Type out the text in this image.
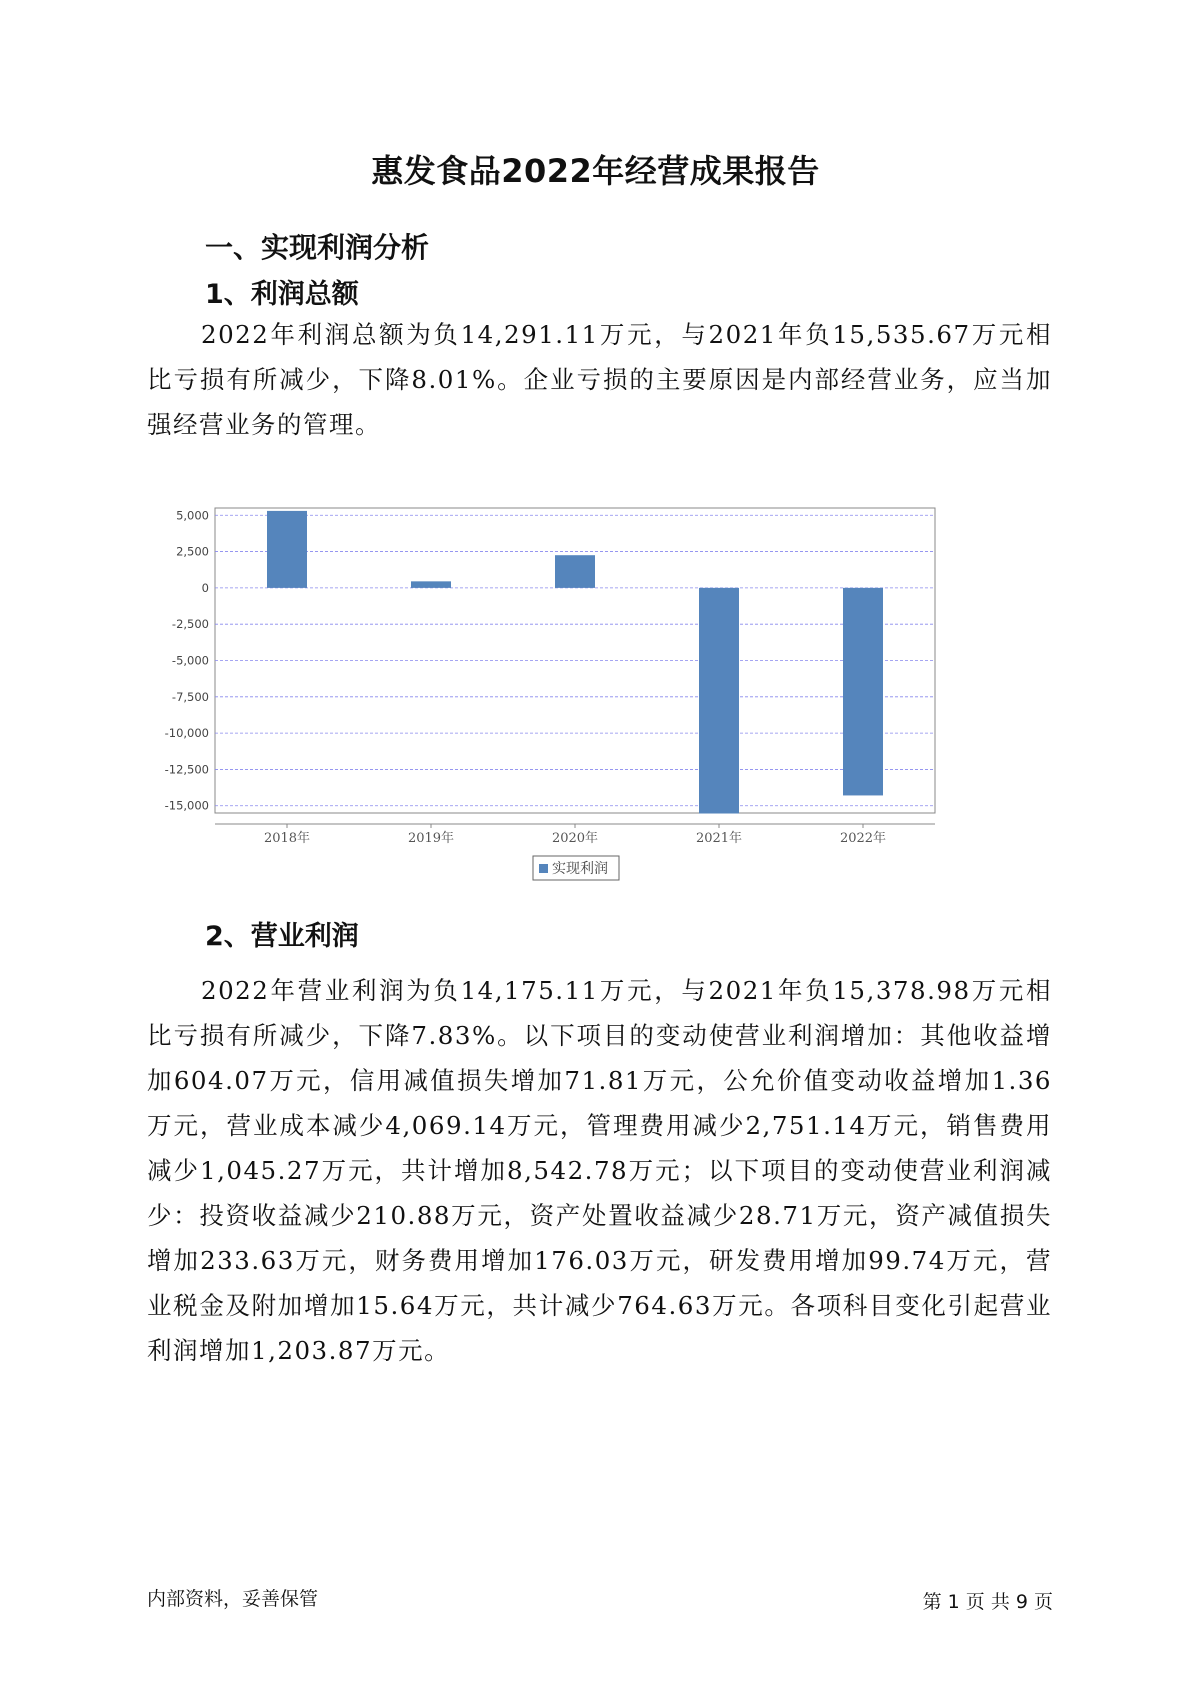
惠发食品2022年经营成果报告
一、实现利润分析
1、利润总额

2022年利润总额为负14,291.11万元，与2021年负15,535.67万元相比亏损有所减少，下降8.01%。企业亏损的主要原因是内部经营业务，应当加强经营业务的管理。

5,000
2,500
0
-2,500
-5,000
-7,500
-10,000
-12,500
-15,000
2018年	2019年	2020年	2021年	2022年
实现利润
2、营业利润

2022年营业利润为负14,175.11万元，与2021年负15,378.98万元相比亏损有所减少，下降7.83%。以下项目的变动使营业利润增加：其他收益增加604.07万元，信用减值损失增加71.81万元，公允价值变动收益增加1.36万元，营业成本减少4,069.14万元，管理费用减少2,751.14万元，销售费用减少1,045.27万元，共计增加8,542.78万元；以下项目的变动使营业利润减少：投资收益减少210.88万元，资产处置收益减少28.71万元，资产减值损失增加233.63万元，财务费用增加176.03万元，研发费用增加99.74万元，营业税金及附加增加15.64万元，共计减少764.63万元。各项科目变化引起营业利润增加1,203.87万元。

内部资料，妥善保管	第 1 页 共 9 页
